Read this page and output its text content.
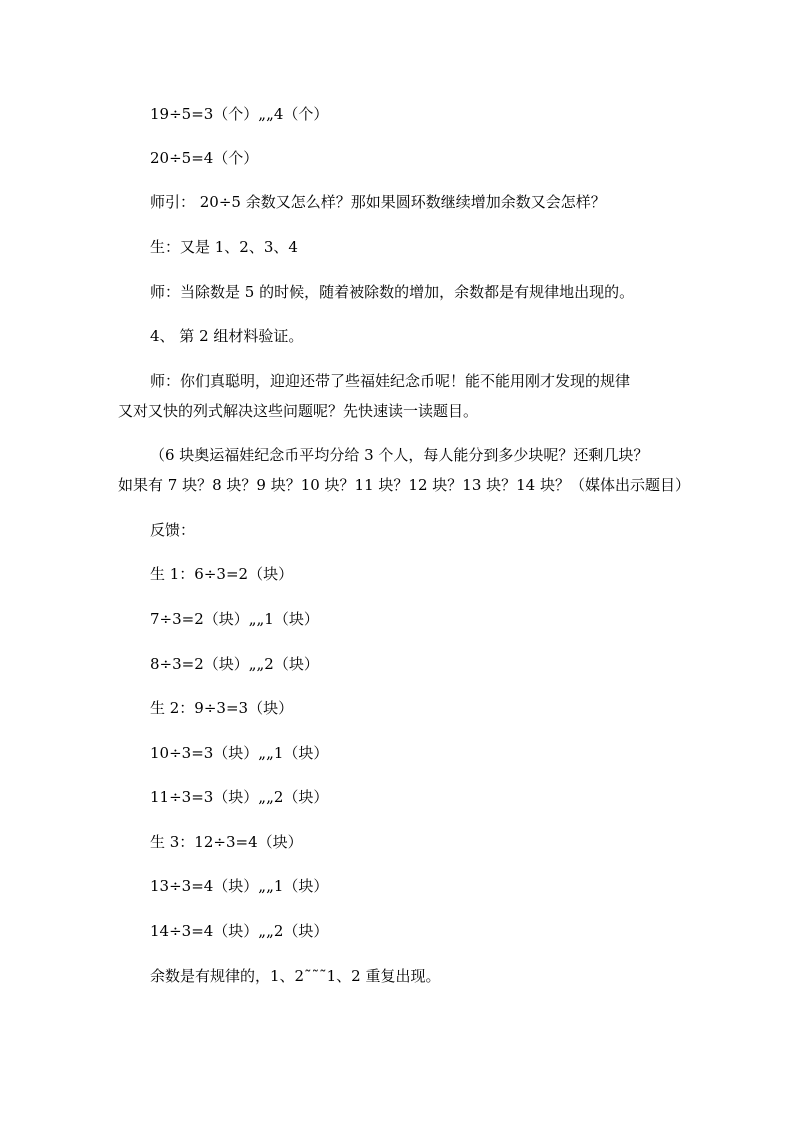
19÷5=3（个）„„4（个）
20÷5=4（个）
师引： 20÷5 余数又怎么样？那如果圆环数继续增加余数又会怎样？
生：又是 1、2、3、4
师：当除数是 5 的时候，随着被除数的增加，余数都是有规律地出现的。
4、 第 2 组材料验证。
师：你们真聪明，迎迎还带了些福娃纪念币呢！能不能用刚才发现的规律
又对又快的列式解决这些问题呢？先快速读一读题目。
（6 块奥运福娃纪念币平均分给 3 个人，每人能分到多少块呢？还剩几块？
如果有 7 块？8 块？9 块？10 块？11 块？12 块？13 块？14 块？（媒体出示题目）
反馈：
生 1：6÷3=2（块）
7÷3=2（块）„„1（块）
8÷3=2（块）„„2（块）
生 2：9÷3=3（块）
10÷3=3（块）„„1（块）
11÷3=3（块）„„2（块）
生 3：12÷3=4（块）
13÷3=4（块）„„1（块）
14÷3=4（块）„„2（块）
余数是有规律的，1、2˜˜˜1、2 重复出现。
